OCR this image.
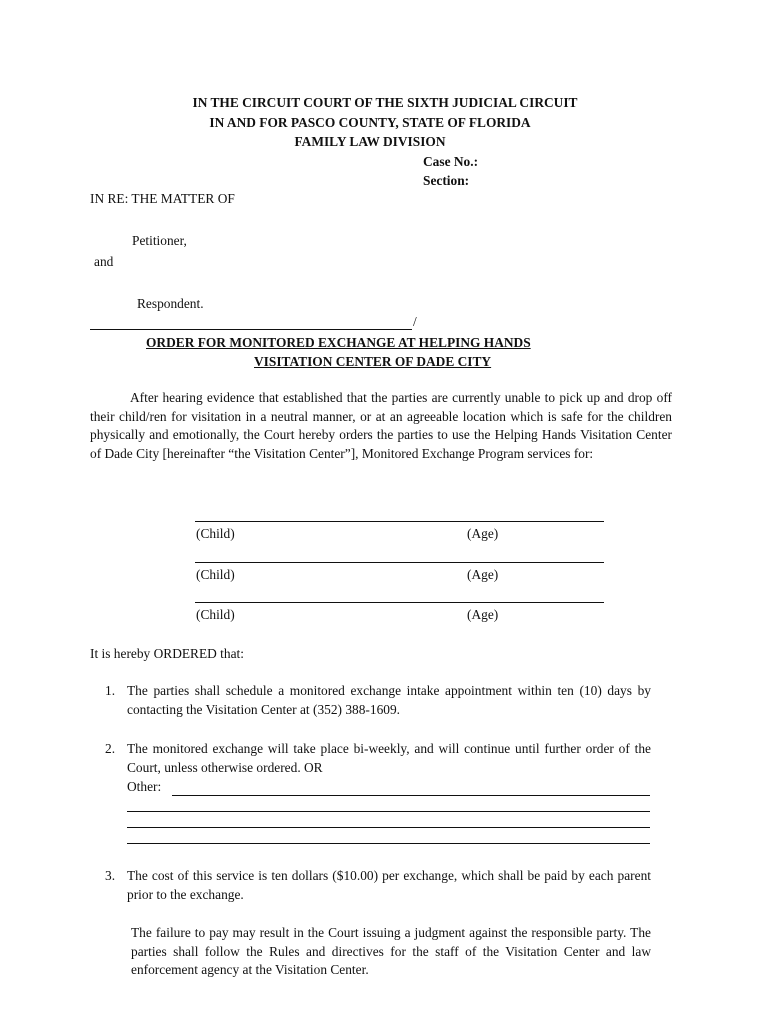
IN THE CIRCUIT COURT OF THE SIXTH JUDICIAL CIRCUIT
IN AND FOR PASCO COUNTY, STATE OF FLORIDA
FAMILY LAW DIVISION
Case No.:
Section:
IN RE: THE MATTER OF
Petitioner,
and
Respondent.
/
ORDER FOR MONITORED EXCHANGE AT HELPING HANDS
VISITATION CENTER OF DADE CITY
After hearing evidence that established that the parties are currently unable to pick up and drop off their child/ren for visitation in a neutral manner, or at an agreeable location which is safe for the children physically and emotionally, the Court hereby orders the parties to use the Helping Hands Visitation Center of Dade City [hereinafter “the Visitation Center”], Monitored Exchange Program services for:
(Child)	(Age)
(Child)	(Age)
(Child)	(Age)
It is hereby ORDERED that:
1. The parties shall schedule a monitored exchange intake appointment within ten (10) days by contacting the Visitation Center at (352) 388-1609.
2. The monitored exchange will take place bi-weekly, and will continue until further order of the Court, unless otherwise ordered. OR
Other:
3. The cost of this service is ten dollars ($10.00) per exchange, which shall be paid by each parent prior to the exchange.
The failure to pay may result in the Court issuing a judgment against the responsible party. The parties shall follow the Rules and directives for the staff of the Visitation Center and law enforcement agency at the Visitation Center.
